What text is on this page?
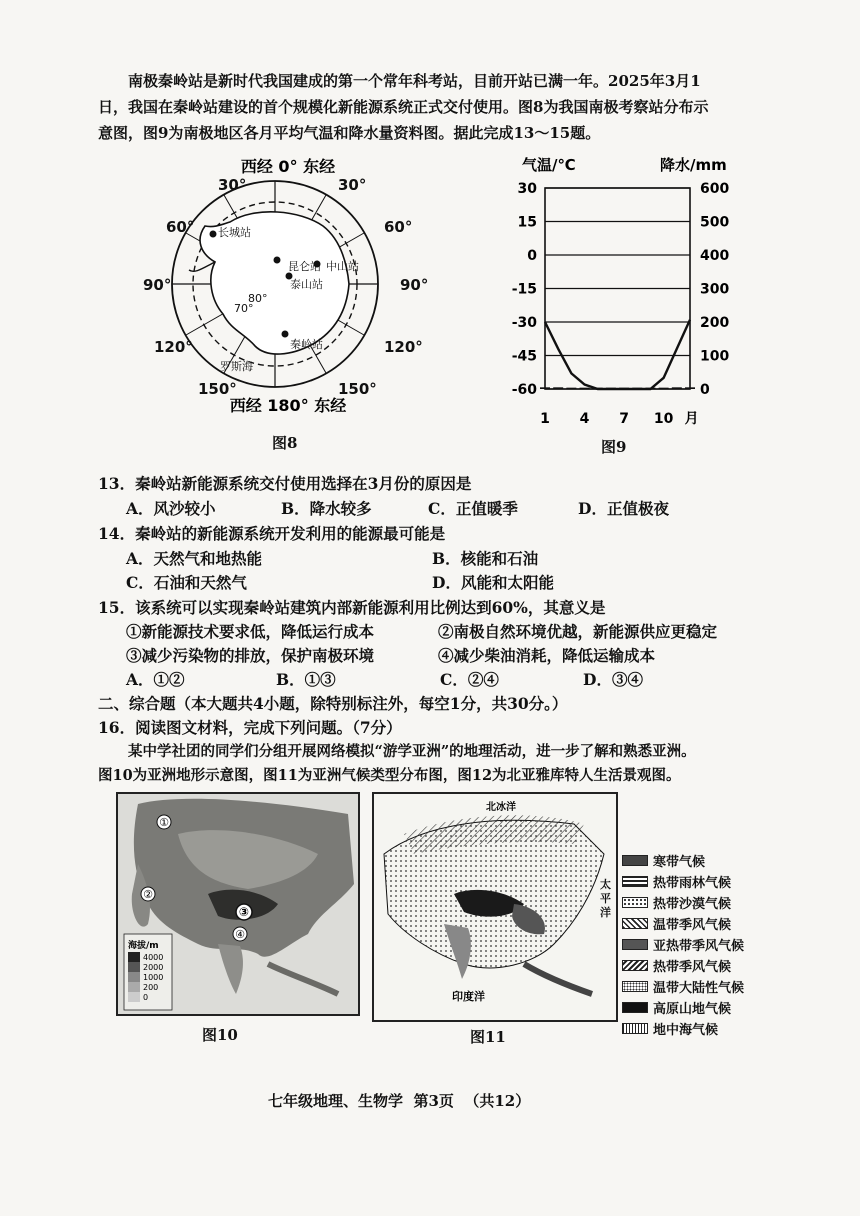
南极秦岭站是新时代我国建成的第一个常年科考站，目前开站已满一年。2025年3月1
日，我国在秦岭站建设的首个规模化新能源系统正式交付使用。图8为我国南极考察站分布示
意图，图9为南极地区各月平均气温和降水量资料图。据此完成13～15题。
西经 0° 东经
西经 180° 东经
30°	30°
60°	60°
90°	90°
120°	120°
150°	150°
70°
80°
长城站
昆仑站 中山站
泰山站
秦岭站
罗斯海
图8
气温/℃	降水/mm
30	600
15	500
0	400
-15	300
-30	200
-45	100
-60	0
1 4 7 10 月
图9
13．秦岭站新能源系统交付使用选择在3月份的原因是
A．风沙较小	B．降水较多	C．正值暖季	D．正值极夜
14．秦岭站的新能源系统开发利用的能源最可能是
A．天然气和地热能	B．核能和石油
C．石油和天然气	D．风能和太阳能
15．该系统可以实现秦岭站建筑内部新能源利用比例达到60%，其意义是
①新能源技术要求低，降低运行成本	②南极自然环境优越，新能源供应更稳定
③减少污染物的排放，保护南极环境	④减少柴油消耗，降低运输成本
A．①②	B．①③	C．②④	D．③④
二、综合题（本大题共4小题，除特别标注外，每空1分，共30分。）
16．阅读图文材料，完成下列问题。（7分）
某中学社团的同学们分组开展网络模拟“游学亚洲”的地理活动，进一步了解和熟悉亚洲。
图10为亚洲地形示意图，图11为亚洲气候类型分布图，图12为北亚雅库特人生活景观图。
①
②
③
④
海拔/m
4000
2000
1000
200
0
图10
北冰洋
印度洋
太平洋
图11
寒带气候
热带雨林气候
热带沙漠气候
温带季风气候
亚热带季风气候
热带季风气候
温带大陆性气候
高原山地气候
地中海气候
七年级地理、生物学  第3页  （共12）
